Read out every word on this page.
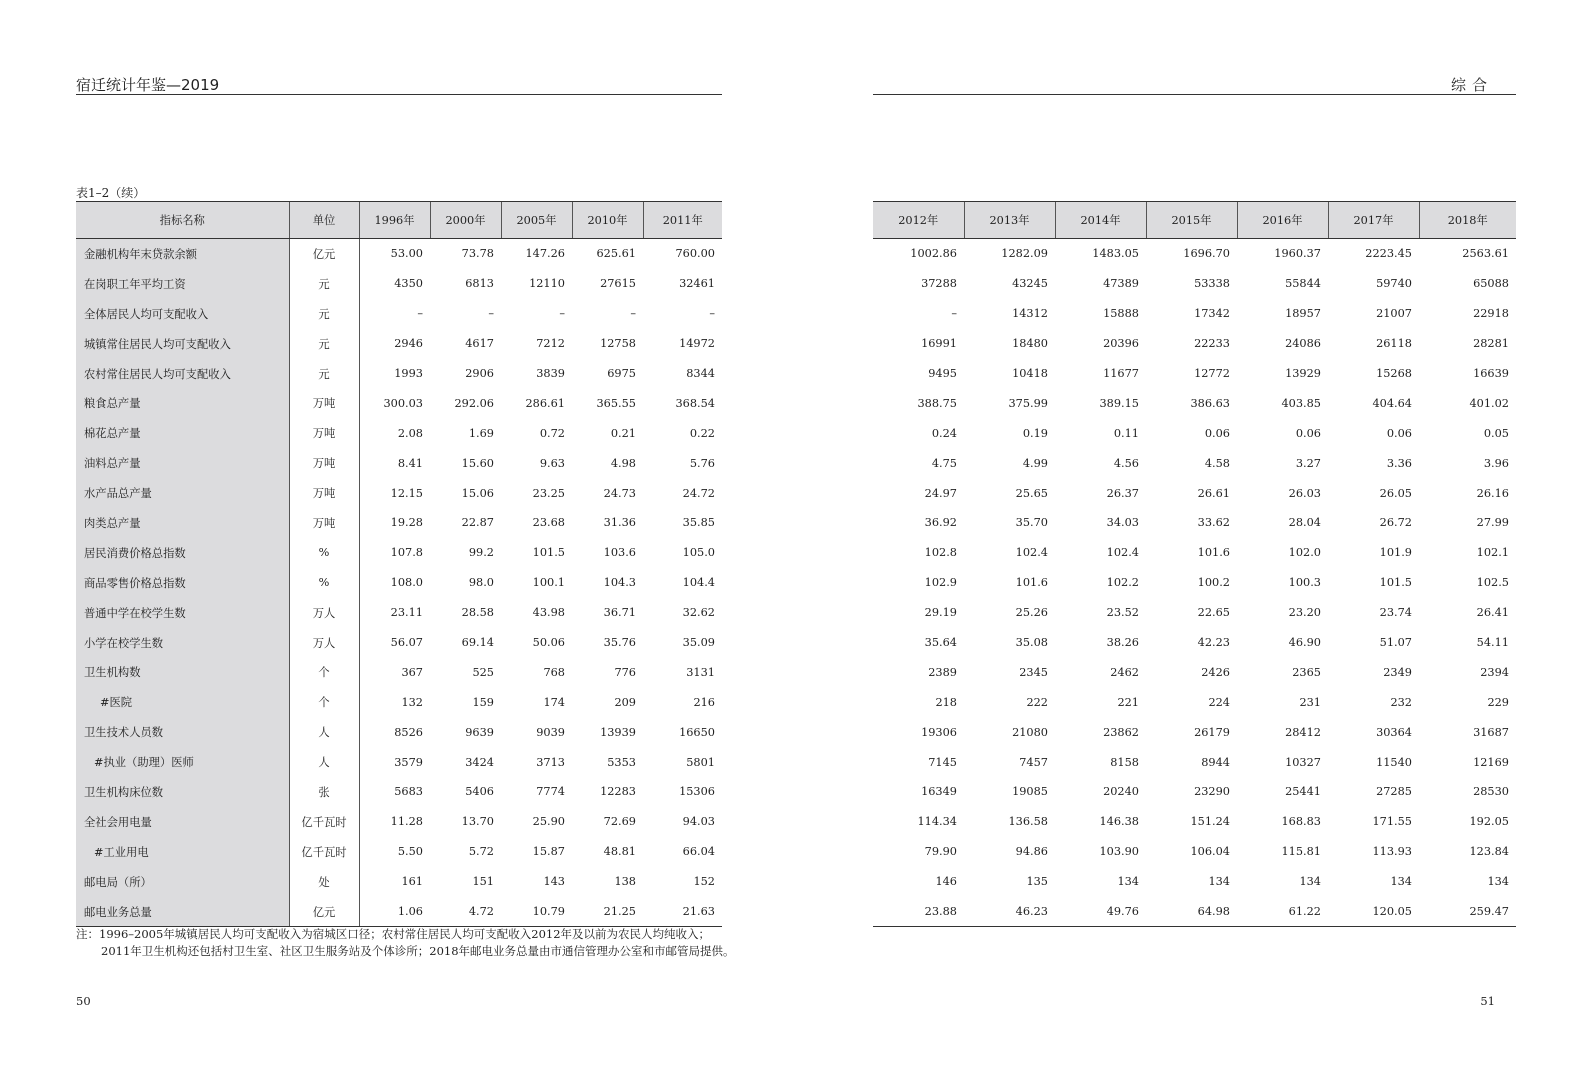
宿迁统计年鉴—2019
表1–2（续）
指标名称	单位	1996年	2000年	2005年	2010年	2011年
金融机构年末贷款余额	亿元	53.00	73.78	147.26	625.61	760.00
在岗职工年平均工资	元	4350	6813	12110	27615	32461
全体居民人均可支配收入	元	–	–	–	–	–
城镇常住居民人均可支配收入	元	2946	4617	7212	12758	14972
农村常住居民人均可支配收入	元	1993	2906	3839	6975	8344
粮食总产量	万吨	300.03	292.06	286.61	365.55	368.54
棉花总产量	万吨	2.08	1.69	0.72	0.21	0.22
油料总产量	万吨	8.41	15.60	9.63	4.98	5.76
水产品总产量	万吨	12.15	15.06	23.25	24.73	24.72
肉类总产量	万吨	19.28	22.87	23.68	31.36	35.85
居民消费价格总指数	%	107.8	99.2	101.5	103.6	105.0
商品零售价格总指数	%	108.0	98.0	100.1	104.3	104.4
普通中学在校学生数	万人	23.11	28.58	43.98	36.71	32.62
小学在校学生数	万人	56.07	69.14	50.06	35.76	35.09
卫生机构数	个	367	525	768	776	3131
#医院	个	132	159	174	209	216
卫生技术人员数	人	8526	9639	9039	13939	16650
#执业（助理）医师	人	3579	3424	3713	5353	5801
卫生机构床位数	张	5683	5406	7774	12283	15306
全社会用电量	亿千瓦时	11.28	13.70	25.90	72.69	94.03
#工业用电	亿千瓦时	5.50	5.72	15.87	48.81	66.04
邮电局（所）	处	161	151	143	138	152
邮电业务总量	亿元	1.06	4.72	10.79	21.25	21.63
注：1996–2005年城镇居民人均可支配收入为宿城区口径；农村常住居民人均可支配收入2012年及以前为农民人均纯收入；
2011年卫生机构还包括村卫生室、社区卫生服务站及个体诊所；2018年邮电业务总量由市通信管理办公室和市邮管局提供。
50
综合
2012年	2013年	2014年	2015年	2016年	2017年	2018年
1002.86	1282.09	1483.05	1696.70	1960.37	2223.45	2563.61
37288	43245	47389	53338	55844	59740	65088
–	14312	15888	17342	18957	21007	22918
16991	18480	20396	22233	24086	26118	28281
9495	10418	11677	12772	13929	15268	16639
388.75	375.99	389.15	386.63	403.85	404.64	401.02
0.24	0.19	0.11	0.06	0.06	0.06	0.05
4.75	4.99	4.56	4.58	3.27	3.36	3.96
24.97	25.65	26.37	26.61	26.03	26.05	26.16
36.92	35.70	34.03	33.62	28.04	26.72	27.99
102.8	102.4	102.4	101.6	102.0	101.9	102.1
102.9	101.6	102.2	100.2	100.3	101.5	102.5
29.19	25.26	23.52	22.65	23.20	23.74	26.41
35.64	35.08	38.26	42.23	46.90	51.07	54.11
2389	2345	2462	2426	2365	2349	2394
218	222	221	224	231	232	229
19306	21080	23862	26179	28412	30364	31687
7145	7457	8158	8944	10327	11540	12169
16349	19085	20240	23290	25441	27285	28530
114.34	136.58	146.38	151.24	168.83	171.55	192.05
79.90	94.86	103.90	106.04	115.81	113.93	123.84
146	135	134	134	134	134	134
23.88	46.23	49.76	64.98	61.22	120.05	259.47
51
